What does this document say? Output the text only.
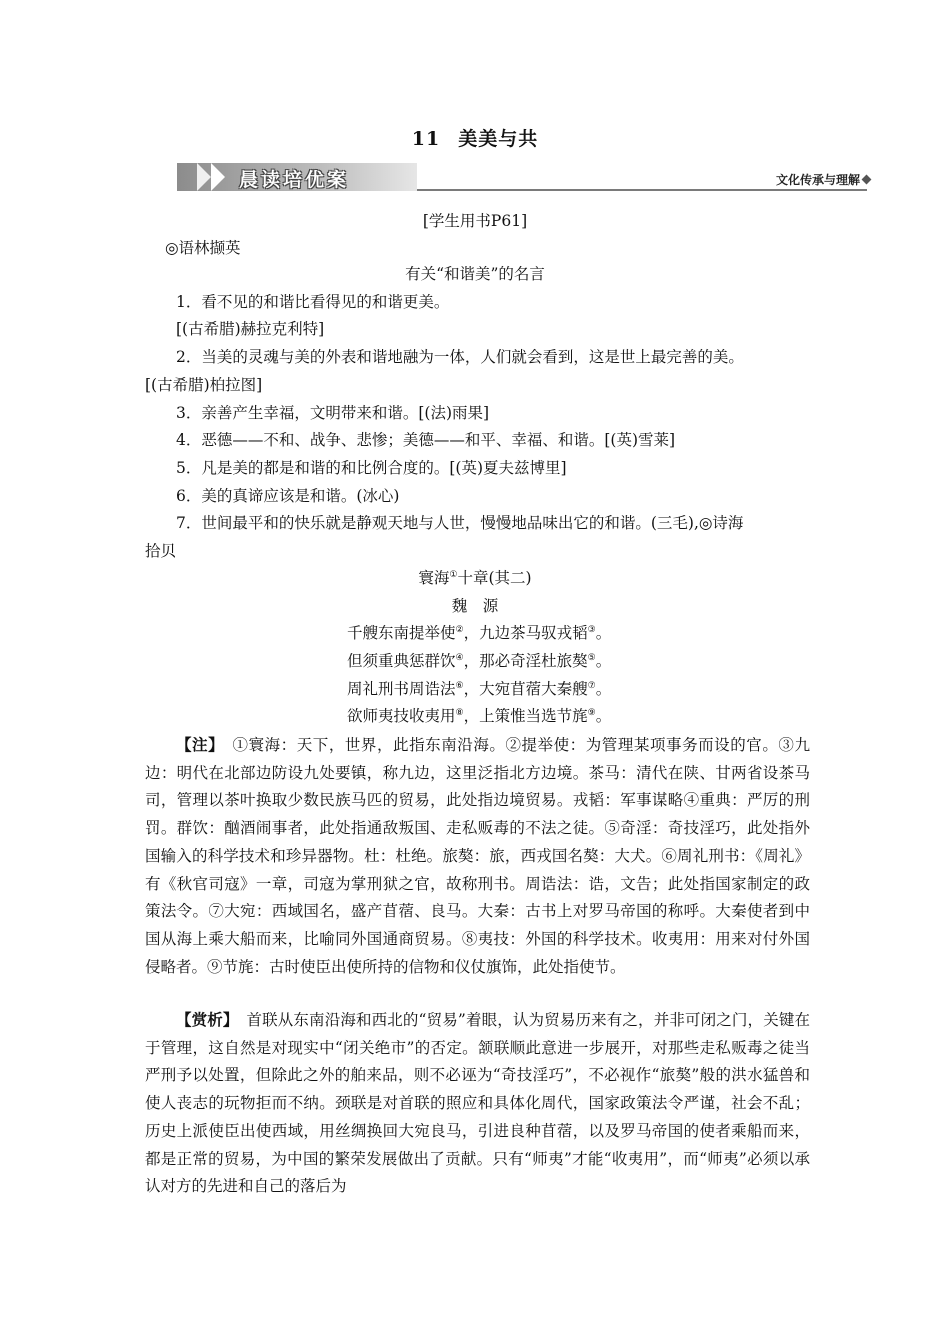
11 美美与共
晨读培优案	文化传承与理解
[学生用书P61]
◎语林撷英
有关“和谐美”的名言
1．看不见的和谐比看得见的和谐更美。
[(古希腊)赫拉克利特]
2．当美的灵魂与美的外表和谐地融为一体，人们就会看到，这是世上最完善的美。
[(古希腊)柏拉图]
3．亲善产生幸福，文明带来和谐。[(法)雨果]
4．恶德——不和、战争、悲惨；美德——和平、幸福、和谐。[(英)雪莱]
5．凡是美的都是和谐的和比例合度的。[(英)夏夫兹博里]
6．美的真谛应该是和谐。(冰心)
7．世间最平和的快乐就是静观天地与人世，慢慢地品味出它的和谐。(三毛),◎诗海
拾贝
寰海①十章(其二)
魏　源
千艘东南提举使②，九边茶马驭戎韬③。
但须重典惩群饮④，那必奇淫杜旅獒⑤。
周礼刑书周诰法⑥，大宛苜蓿大秦艘⑦。
欲师夷技收夷用⑧，上策惟当选节旄⑨。
【注】　 ①寰海：天下，世界，此指东南沿海。②提举使：为管理某项事务而设的官。③九边：明代在北部边防设九处要镇，称九边，这里泛指北方边境。茶马：清代在陕、甘两省设茶马司，管理以茶叶换取少数民族马匹的贸易，此处指边境贸易。戎韬：军事谋略④重典：严厉的刑罚。群饮：酗酒闹事者，此处指通敌叛国、走私贩毒的不法之徒。⑤奇淫：奇技淫巧，此处指外国输入的科学技术和珍异器物。杜：杜绝。旅獒：旅，西戎国名獒：大犬。⑥周礼刑书：《周礼》有《秋官司寇》一章，司寇为掌刑狱之官，故称刑书。周诰法：诰，文告；此处指国家制定的政策法令。⑦大宛：西域国名，盛产苜蓿、良马。大秦：古书上对罗马帝国的称呼。大秦使者到中国从海上乘大船而来，比喻同外国通商贸易。⑧夷技：外国的科学技术。收夷用：用来对付外国侵略者。⑨节旄：古时使臣出使所持的信物和仪仗旗饰，此处指使节。
【赏析】　 首联从东南沿海和西北的“贸易”着眼，认为贸易历来有之，并非可闭之门，关键在于管理，这自然是对现实中“闭关绝市”的否定。颔联顺此意进一步展开，对那些走私贩毒之徒当严刑予以处置，但除此之外的舶来品，则不必诬为“奇技淫巧”，不必视作“旅獒”般的洪水猛兽和使人丧志的玩物拒而不纳。颈联是对首联的照应和具体化周代，国家政策法令严谨，社会不乱；历史上派使臣出使西域，用丝绸换回大宛良马，引进良种苜蓿，以及罗马帝国的使者乘船而来，都是正常的贸易，为中国的繁荣发展做出了贡献。只有“师夷”才能“收夷用”，而“师夷”必须以承认对方的先进和自己的落后为
